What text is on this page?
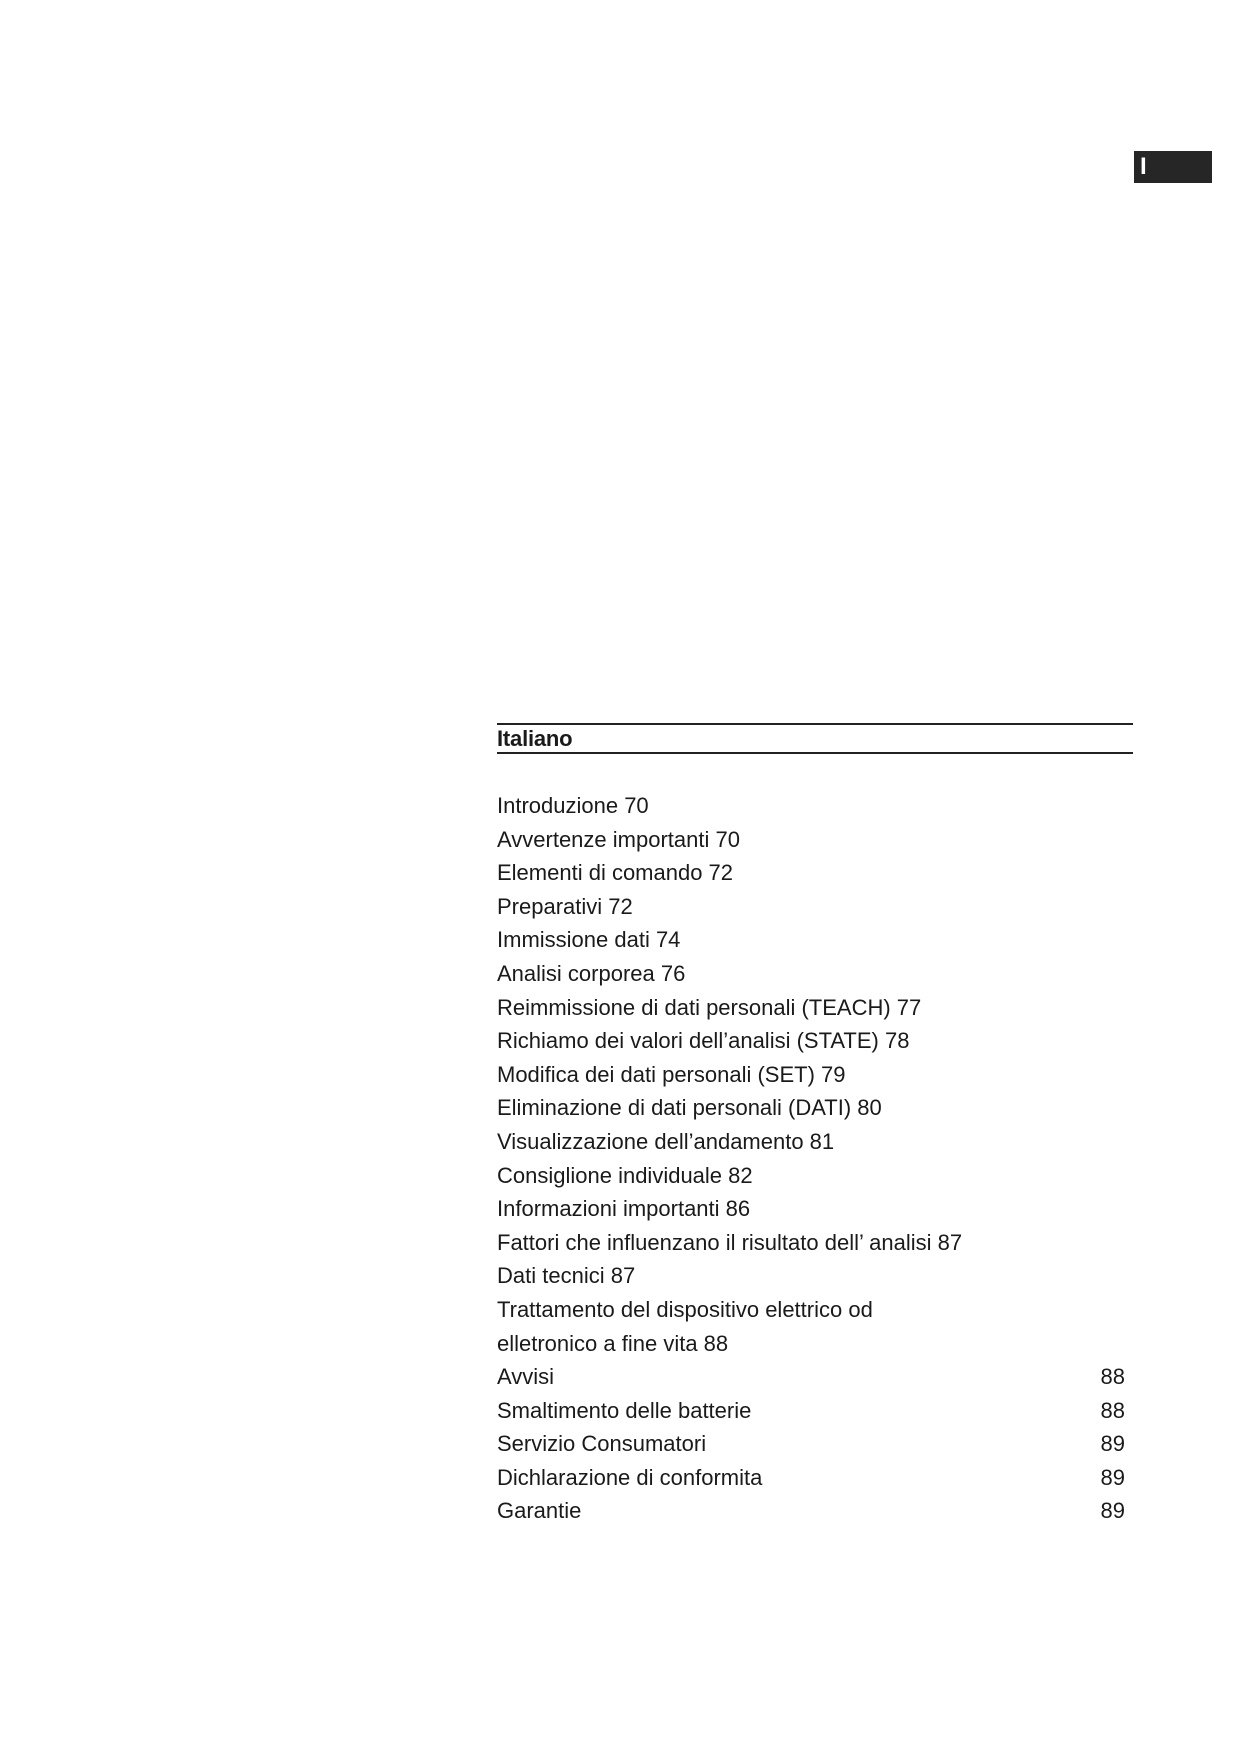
I
Italiano
Introduzione 70
Avvertenze importanti 70
Elementi di comando 72
Preparativi 72
Immissione dati 74
Analisi corporea 76
Reimmissione di dati personali (TEACH) 77
Richiamo dei valori dell’analisi (STATE) 78
Modifica dei dati personali (SET) 79
Eliminazione di dati personali (DATI) 80
Visualizzazione dell’andamento 81
Consiglione individuale 82
Informazioni importanti 86
Fattori che influenzano il risultato dell’ analisi 87
Dati tecnici 87
Trattamento del dispositivo elettrico od
elletronico a fine vita 88
Avvisi	88
Smaltimento delle batterie	88
Servizio Consumatori	89
Dichlarazione di conformita	89
Garantie	89
